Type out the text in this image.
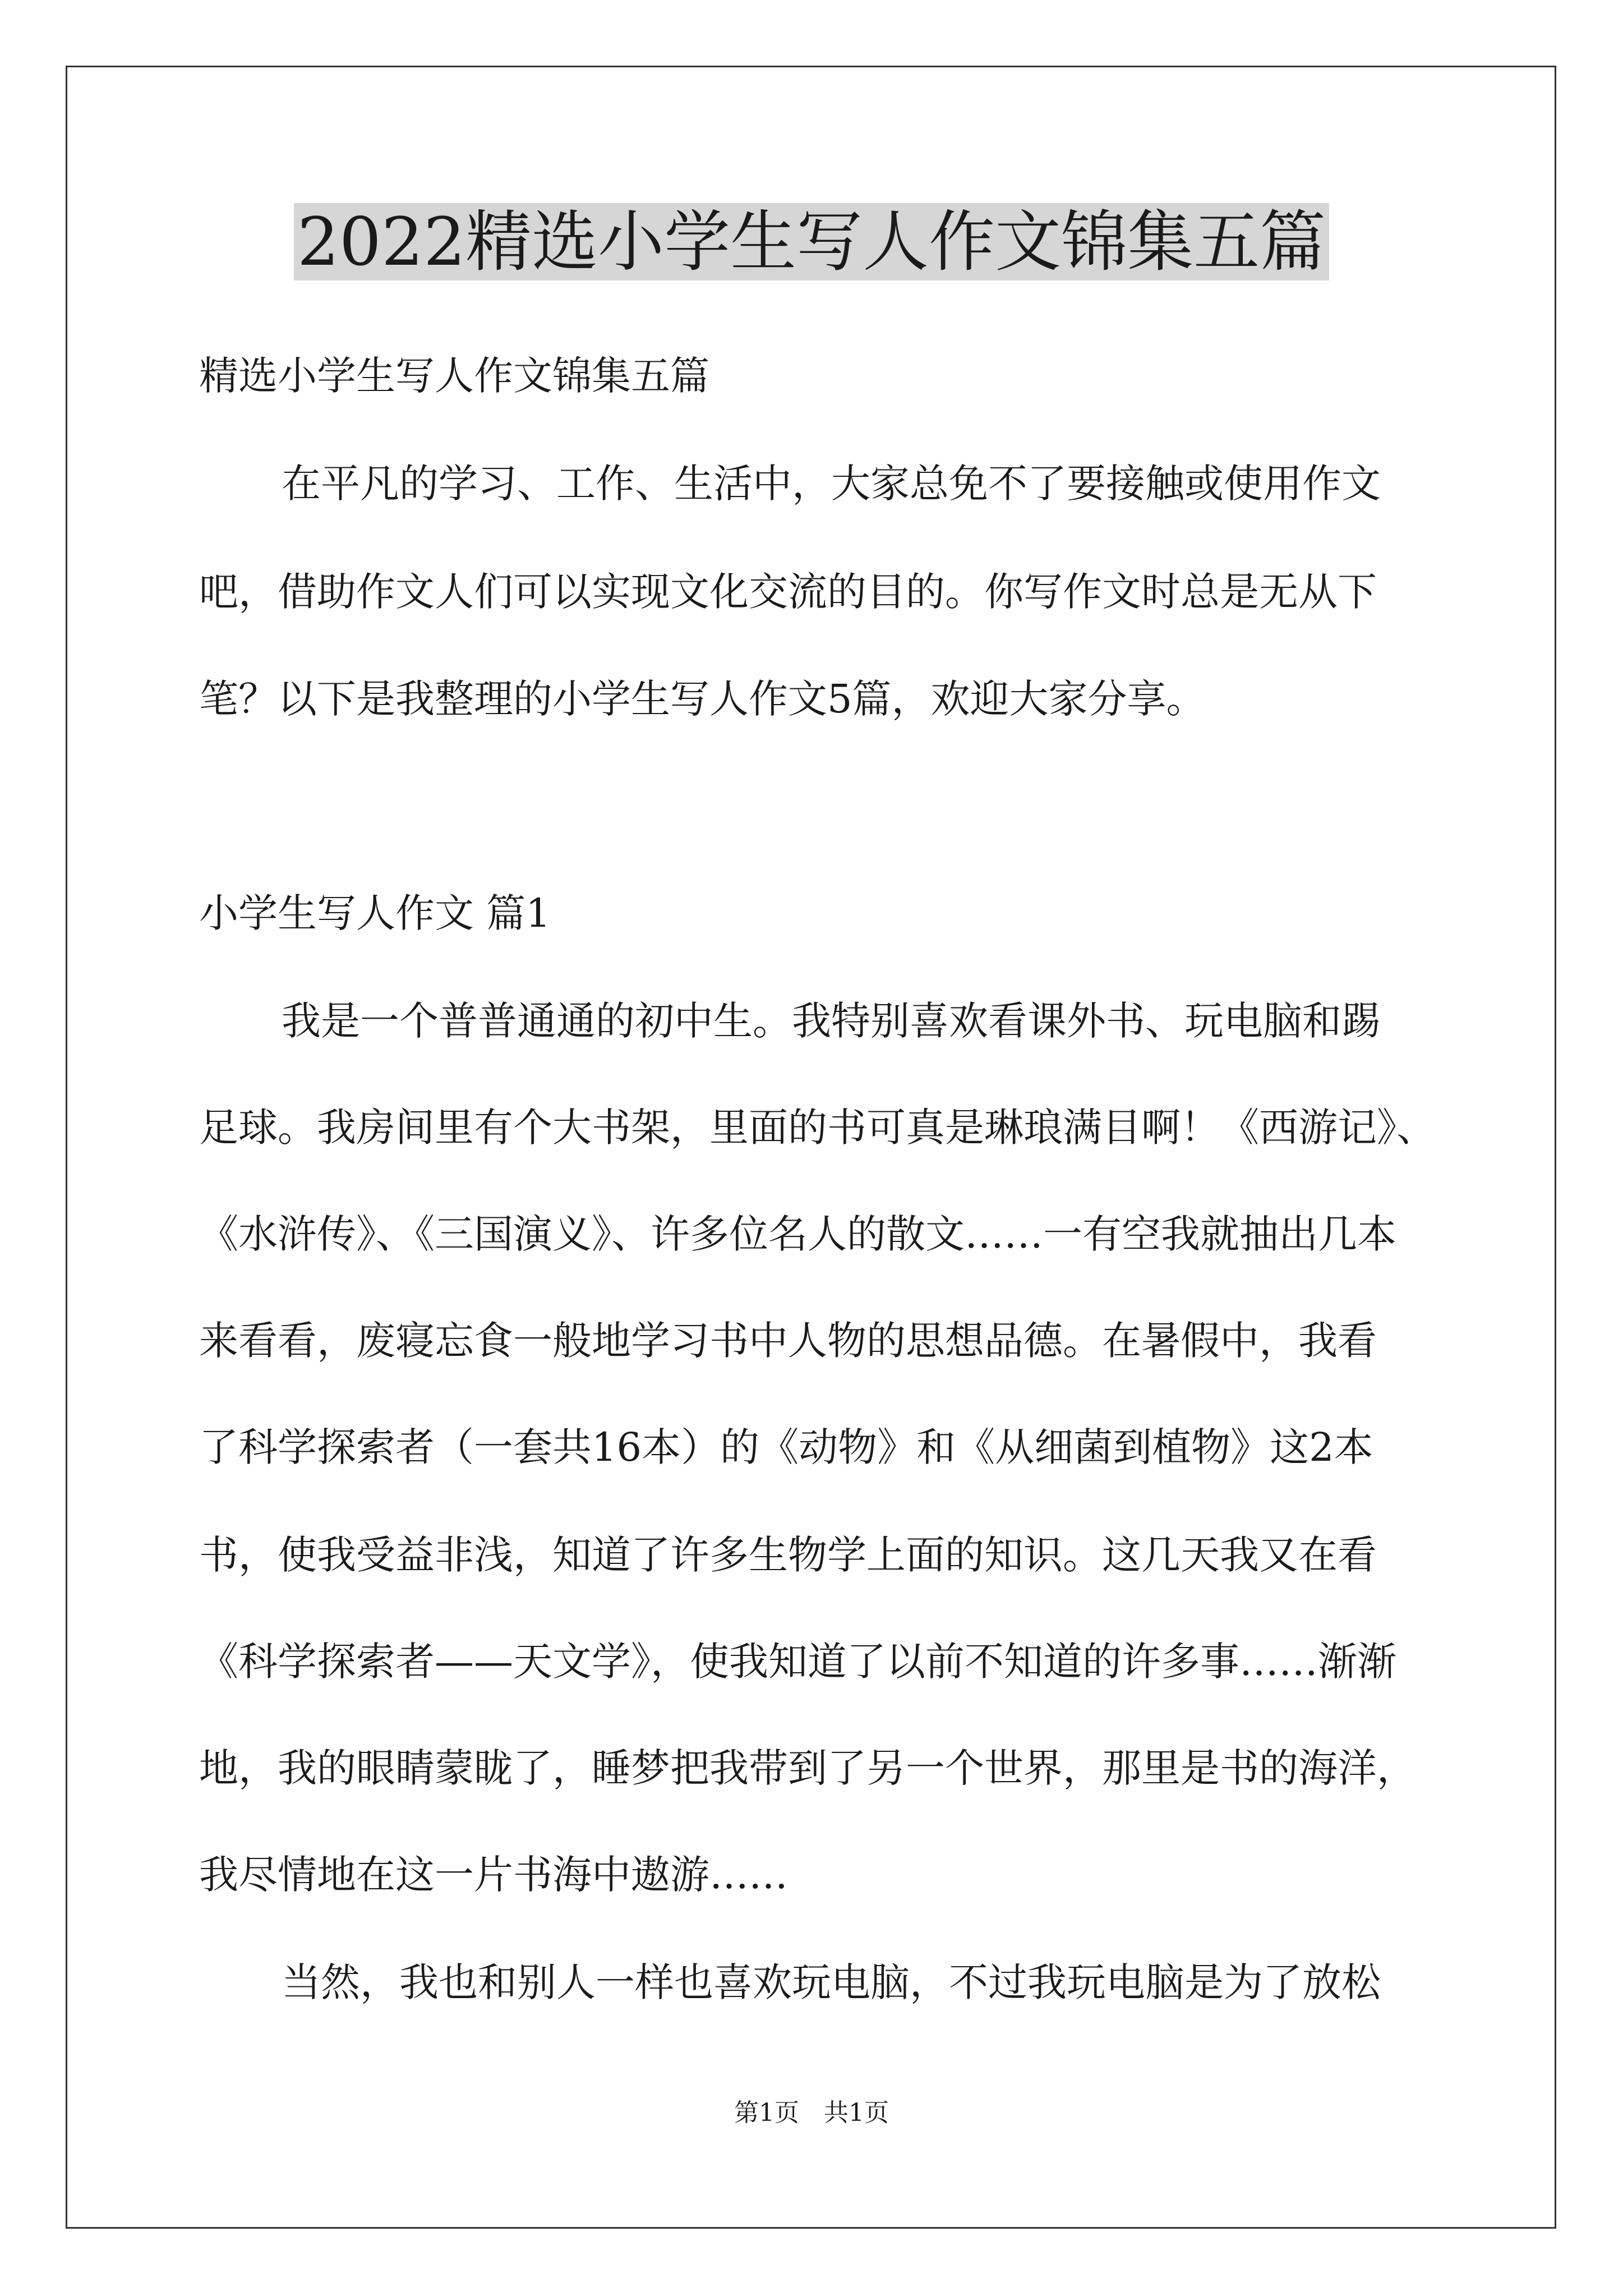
2022精选小学生写人作文锦集五篇

精选小学生写人作文锦集五篇

在平凡的学习、工作、生活中，大家总免不了要接触或使用作文

吧，借助作文人们可以实现文化交流的目的。你写作文时总是无从下

笔？以下是我整理的小学生写人作文5篇，欢迎大家分享。

小学生写人作文 篇1

我是一个普普通通的初中生。我特别喜欢看课外书、玩电脑和踢

足球。我房间里有个大书架，里面的书可真是琳琅满目啊！《西游记》、

《水浒传》、《三国演义》、许多位名人的散文……一有空我就抽出几本

来看看，废寝忘食一般地学习书中人物的思想品德。在暑假中，我看

了科学探索者（一套共16本）的《动物》和《从细菌到植物》这2本

书，使我受益非浅，知道了许多生物学上面的知识。这几天我又在看

《科学探索者——天文学》，使我知道了以前不知道的许多事……渐渐

地，我的眼睛蒙眬了，睡梦把我带到了另一个世界，那里是书的海洋，

我尽情地在这一片书海中遨游……

当然，我也和别人一样也喜欢玩电脑，不过我玩电脑是为了放松

第1页　共1页
